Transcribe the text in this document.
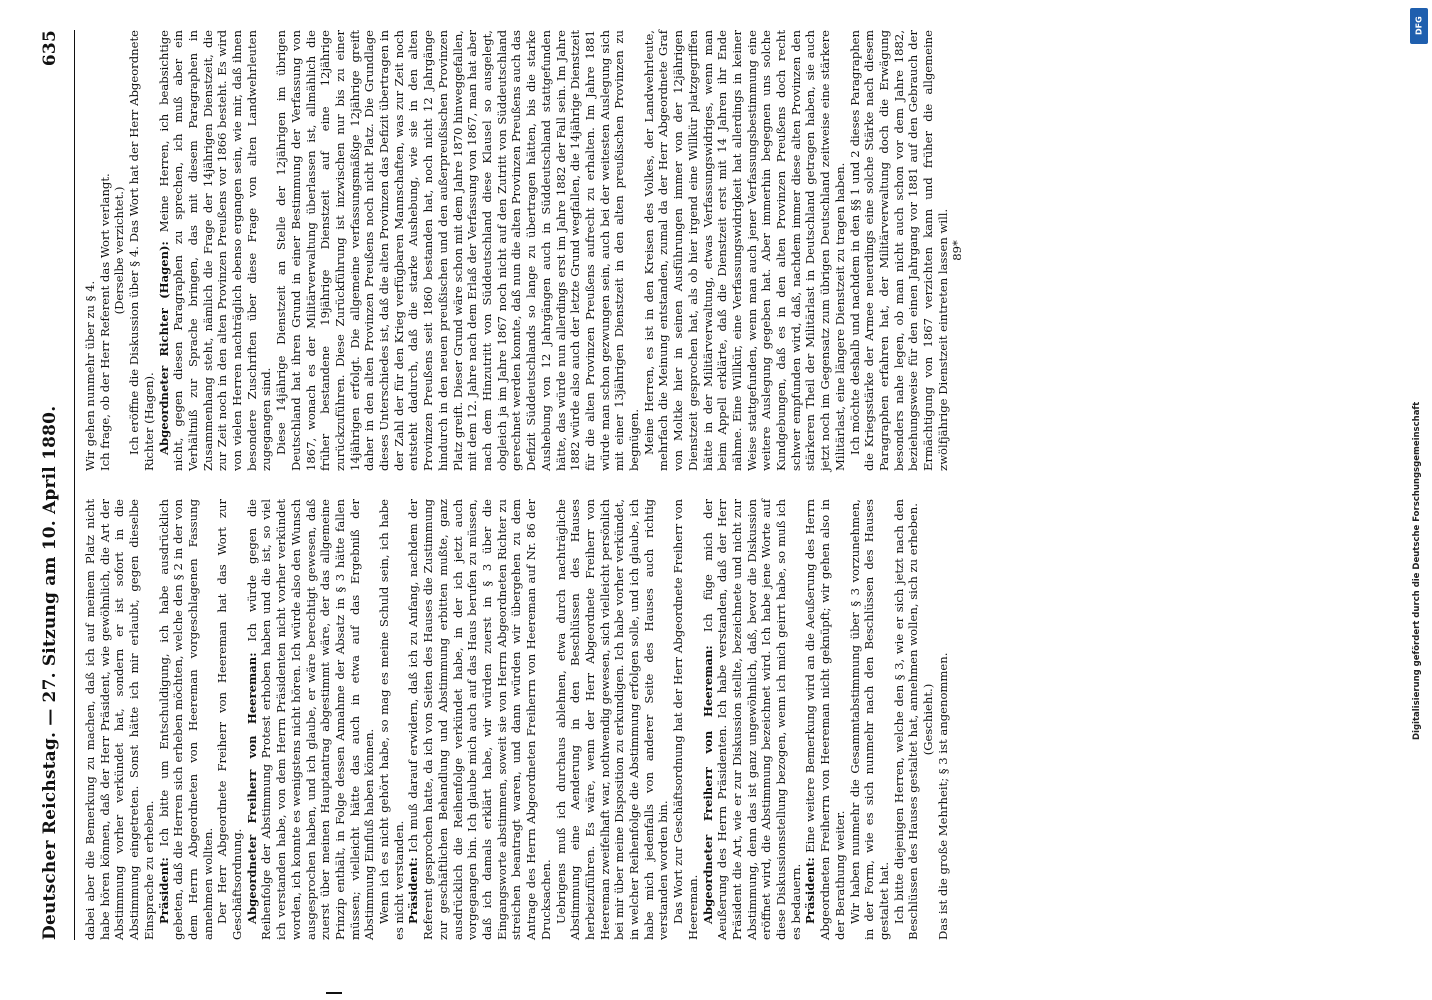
Deutscher Reichstag. — 27. Sitzung am 10. April 1880.
635

dabei aber die Bemerkung zu machen, daß ich auf meinem Platz nicht habe hören können, daß der Herr Präsident, wie gewöhnlich, die Art der Abstimmung vorher verkündet hat, sondern er ist sofort in die Abstimmung eingetreten. Sonst hätte ich mir erlaubt, gegen dieselbe Einsprache zu erheben. Präsident: Ich bitte um Entschuldigung, ich habe ausdrücklich gebeten, daß die Herren sich erheben möchten, welche den § 2 in der von dem Herrn Abgeordneten von Heereman vorgeschlagenen Fassung annehmen wollten. Der Herr Abgeordnete Freiherr von Heereman hat das Wort zur Geschäftsordnung. Abgeordneter Freiherr von Heereman: Ich würde gegen die Reihenfolge der Abstimmung Protest erhoben haben und die ist, so viel ich verstanden habe, von dem Herrn Präsidenten nicht vorher verkündet worden, ich konnte es wenigstens nicht hören. Ich würde also den Wunsch ausgesprochen haben, und ich glaube, er wäre berechtigt gewesen, daß zuerst über meinen Hauptantrag abgestimmt wäre, der das allgemeine Prinzip enthält, in Folge dessen Annahme der Absatz in § 3 hätte fallen müssen; vielleicht hätte das auch in etwa auf das Ergebniß der Abstimmung Einfluß haben können. Wenn ich es nicht gehört habe, so mag es meine Schuld sein, ich habe es nicht verstanden. Präsident: Ich muß darauf erwidern, daß ich zu Anfang, nachdem der Referent gesprochen hatte, da ich von Seiten des Hauses die Zustimmung zur geschäftlichen Behandlung und Abstimmung erbitten mußte, ganz ausdrücklich die Reihenfolge verkündet habe, in der ich jetzt auch vorgegangen bin. Ich glaube mich auch auf das Haus berufen zu müssen, daß ich damals erklärt habe, wir würden zuerst in § 3 über die Eingangsworte abstimmen, soweit sie von Herrn Abgeordneten Richter zu streichen beantragt waren, und dann würden wir übergehen zu dem Antrage des Herrn Abgeordneten Freiherrn von Heereman auf Nr. 86 der Drucksachen. Uebrigens muß ich durchaus ablehnen, etwa durch nachträgliche Abstimmung eine Aenderung in den Beschlüssen des Hauses herbeizuführen. Es wäre, wenn der Herr Abgeordnete Freiherr von Heereman zweifelhaft war, nothwendig gewesen, sich vielleicht persönlich bei mir über meine Disposition zu erkundigen. Ich habe vorher verkündet, in welcher Reihenfolge die Abstimmung erfolgen solle, und ich glaube, ich habe mich jedenfalls von anderer Seite des Hauses auch richtig verstanden worden bin. Das Wort zur Geschäftsordnung hat der Herr Abgeordnete Freiherr von Heereman. Abgeordneter Freiherr von Heereman: Ich füge mich der Aeußerung des Herrn Präsidenten. Ich habe verstanden, daß der Herr Präsident die Art, wie er zur Diskussion stellte, bezeichnete und nicht zur Abstimmung, denn das ist ganz ungewöhnlich, daß, bevor die Diskussion eröffnet wird, die Abstimmung bezeichnet wird. Ich habe jene Worte auf diese Diskussionsstellung bezogen, wenn ich mich geirrt habe, so muß ich es bedauern. Präsident: Eine weitere Bemerkung wird an die Aeußerung des Herrn Abgeordneten Freiherrn von Heereman nicht geknüpft; wir gehen also in der Berathung weiter. Wir haben nunmehr die Gesammtabstimmung über § 3 vorzunehmen, in der Form, wie es sich nunmehr nach den Beschlüssen des Hauses gestaltet hat. Ich bitte diejenigen Herren, welche den § 3, wie er sich jetzt nach den Beschlüssen des Hauses gestaltet hat, annehmen wollen, sich zu erheben. (Geschieht.) Das ist die große Mehrheit; § 3 ist angenommen.

Wir gehen nunmehr über zu § 4. Ich frage, ob der Herr Referent das Wort verlangt. (Derselbe verzichtet.) Ich eröffne die Diskussion über § 4. Das Wort hat der Herr Abgeordnete Richter (Hagen). Abgeordneter Richter (Hagen): Meine Herren, ich beabsichtige nicht, gegen diesen Paragraphen zu sprechen, ich muß aber ein Verhältniß zur Sprache bringen, das mit diesem Paragraphen in Zusammenhang steht, nämlich die Frage der 14jährigen Dienstzeit, die zur Zeit noch in den alten Provinzen Preußens vor 1866 besteht. Es wird von vielen Herren nachträglich ebenso ergangen sein, wie mir, daß ihnen besondere Zuschriften über diese Frage von alten Landwehrleuten zugegangen sind. Diese 14jährige Dienstzeit an Stelle der 12jährigen im übrigen Deutschland hat ihren Grund in einer Bestimmung der Verfassung von 1867, wonach es der Militärverwaltung überlassen ist, allmählich die früher bestandene 19jährige Dienstzeit auf eine 12jährige zurückzuführen. Diese Zurückführung ist inzwischen nur bis zu einer 14jährigen erfolgt. Die allgemeine verfassungsmäßige 12jährige greift daher in den alten Provinzen Preußens noch nicht Platz. Die Grundlage dieses Unterschiedes ist, daß die alten Provinzen das Defizit übertragen in der Zahl der für den Krieg verfügbaren Mannschaften, was zur Zeit noch entsteht dadurch, daß die starke Aushebung, wie sie in den alten Provinzen Preußens seit 1860 bestanden hat, noch nicht 12 Jahrgänge hindurch in den neuen preußischen und den außerpreußischen Provinzen Platz greift. Dieser Grund wäre schon mit dem Jahre 1870 hinweggefallen, mit dem 12. Jahre nach dem Erlaß der Verfassung von 1867, man hat aber nach dem Hinzutritt von Süddeutschland diese Klausel so ausgelegt, obgleich ja im Jahre 1867 noch nicht auf den Zutritt von Süddeutschland gerechnet werden konnte, daß nun die alten Provinzen Preußens auch das Defizit Süddeutschlands so lange zu übertragen hätten, bis die starke Aushebung von 12 Jahrgängen auch in Süddeutschland stattgefunden hätte, das würde nun allerdings erst im Jahre 1882 der Fall sein. Im Jahre 1882 würde also auch der letzte Grund wegfallen, die 14jährige Dienstzeit für die alten Provinzen Preußens aufrecht zu erhalten. Im Jahre 1881 würde man schon gezwungen sein, auch bei der weitesten Auslegung sich mit einer 13jährigen Dienstzeit in den alten preußischen Provinzen zu begnügen. Meine Herren, es ist in den Kreisen des Volkes, der Landwehrleute, mehrfach die Meinung entstanden, zumal da der Herr Abgeordnete Graf von Moltke hier in seinen Ausführungen immer von der 12jährigen Dienstzeit gesprochen hat, als ob hier irgend eine Willkür platzgegriffen hätte in der Militärverwaltung, etwas Verfassungswidriges, wenn man beim Appell erklärte, daß die Dienstzeit erst mit 14 Jahren ihr Ende nähme. Eine Willkür, eine Verfassungswidrigkeit hat allerdings in keiner Weise stattgefunden, wenn man auch jener Verfassungsbestimmung eine weitere Auslegung gegeben hat. Aber immerhin begegnen uns solche Kundgebungen, daß es in den alten Provinzen Preußens doch recht schwer empfunden wird, daß, nachdem immer diese alten Provinzen den stärkeren Theil der Militärlast in Deutschland getragen haben, sie auch jetzt noch im Gegensatz zum übrigen Deutschland zeitweise eine stärkere Militärlast, eine längere Dienstzeit zu tragen haben. Ich möchte deshalb und nachdem in den §§ 1 und 2 dieses Paragraphen die Kriegsstärke der Armee neuerdings eine solche Stärke nach diesem Paragraphen erfahren hat, der Militärverwaltung doch die Erwägung besonders nahe legen, ob man nicht auch schon vor dem Jahre 1882, beziehungsweise für den einen Jahrgang vor 1881 auf den Gebrauch der Ermächtigung von 1867 verzichten kann und früher die allgemeine zwölfjährige Dienstzeit eintreten lassen will. 89*

DFG
Digitalisierung gefördert durch die Deutsche Forschungsgemeinschaft
